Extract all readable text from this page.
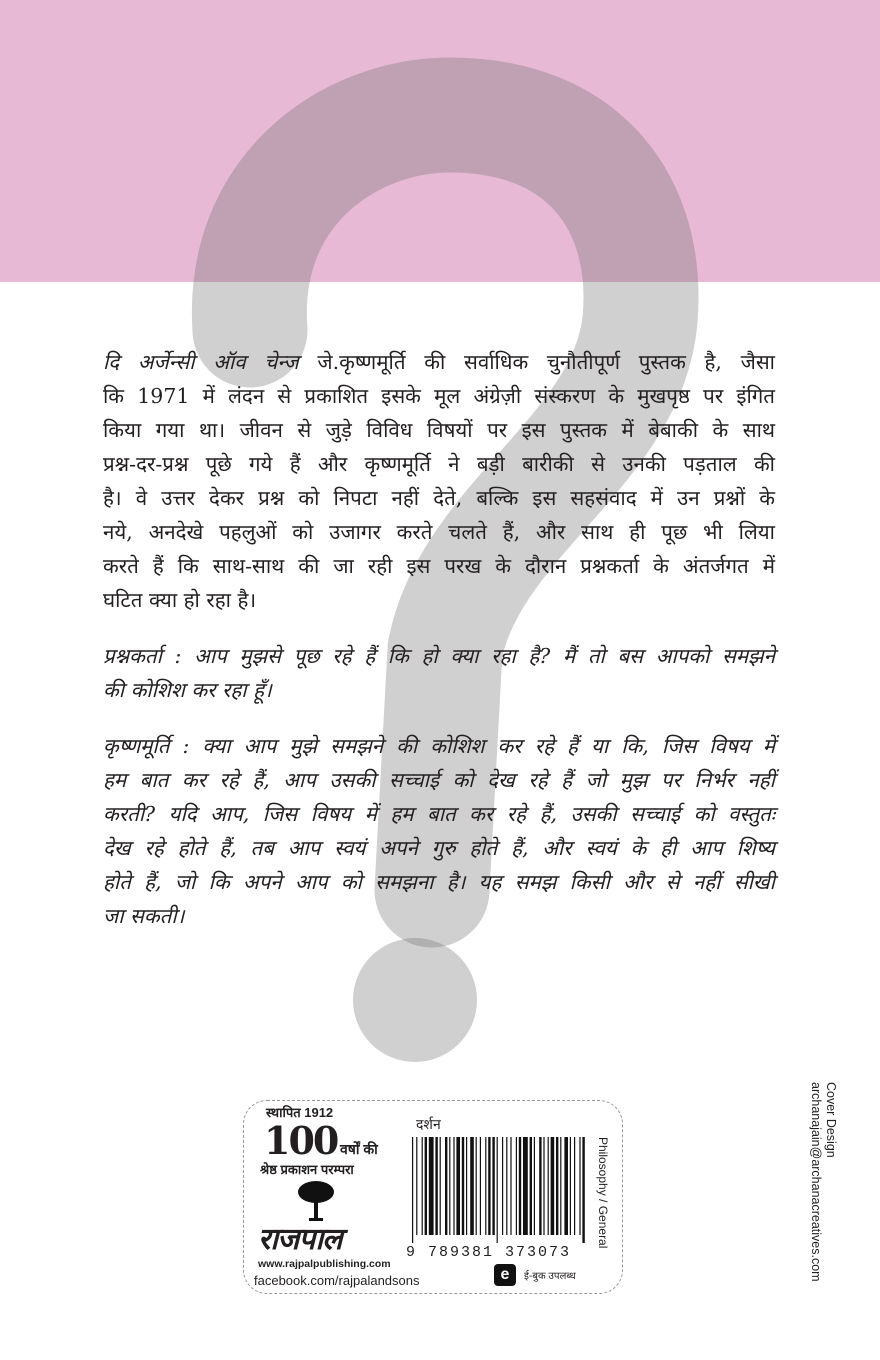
दि अर्जेन्सी ऑव चेन्ज जे.कृष्णमूर्ति की सर्वाधिक चुनौतीपूर्ण पुस्तक है, जैसा
कि 1971 में लंदन से प्रकाशित इसके मूल अंग्रेज़ी संस्करण के मुखपृष्ठ पर इंगित
किया गया था। जीवन से जुड़े विविध विषयों पर इस पुस्तक में बेबाकी के साथ
प्रश्न-दर-प्रश्न पूछे गये हैं और कृष्णमूर्ति ने बड़ी बारीकी से उनकी पड़ताल की
है। वे उत्तर देकर प्रश्न को निपटा नहीं देते, बल्कि इस सहसंवाद में उन प्रश्नों के
नये, अनदेखे पहलुओं को उजागर करते चलते हैं, और साथ ही पूछ भी लिया
करते हैं कि साथ-साथ की जा रही इस परख के दौरान प्रश्नकर्ता के अंतर्जगत में
घटित क्या हो रहा है।
प्रश्नकर्ता : आप मुझसे पूछ रहे हैं कि हो क्या रहा है? मैं तो बस आपको समझने
की कोशिश कर रहा हूँ।
कृष्णमूर्ति : क्या आप मुझे समझने की कोशिश कर रहे हैं या कि, जिस विषय में
हम बात कर रहे हैं, आप उसकी सच्चाई को देख रहे हैं जो मुझ पर निर्भर नहीं
करती? यदि आप, जिस विषय में हम बात कर रहे हैं, उसकी सच्चाई को वस्तुतः
देख रहे होते हैं, तब आप स्वयं अपने गुरु होते हैं, और स्वयं के ही आप शिष्य
होते हैं, जो कि अपने आप को समझना है। यह समझ किसी और से नहीं सीखी
जा सकती।
स्थापित 1912
100 वर्षों की
श्रेष्ठ प्रकाशन परम्परा
राजपाल
www.rajpalpublishing.com
facebook.com/rajpalandsons
दर्शन
9 789381 373073
e	ई-बुक उपलब्ध
Philosophy / General
Cover Design
archanajain@archanacreatives.com
